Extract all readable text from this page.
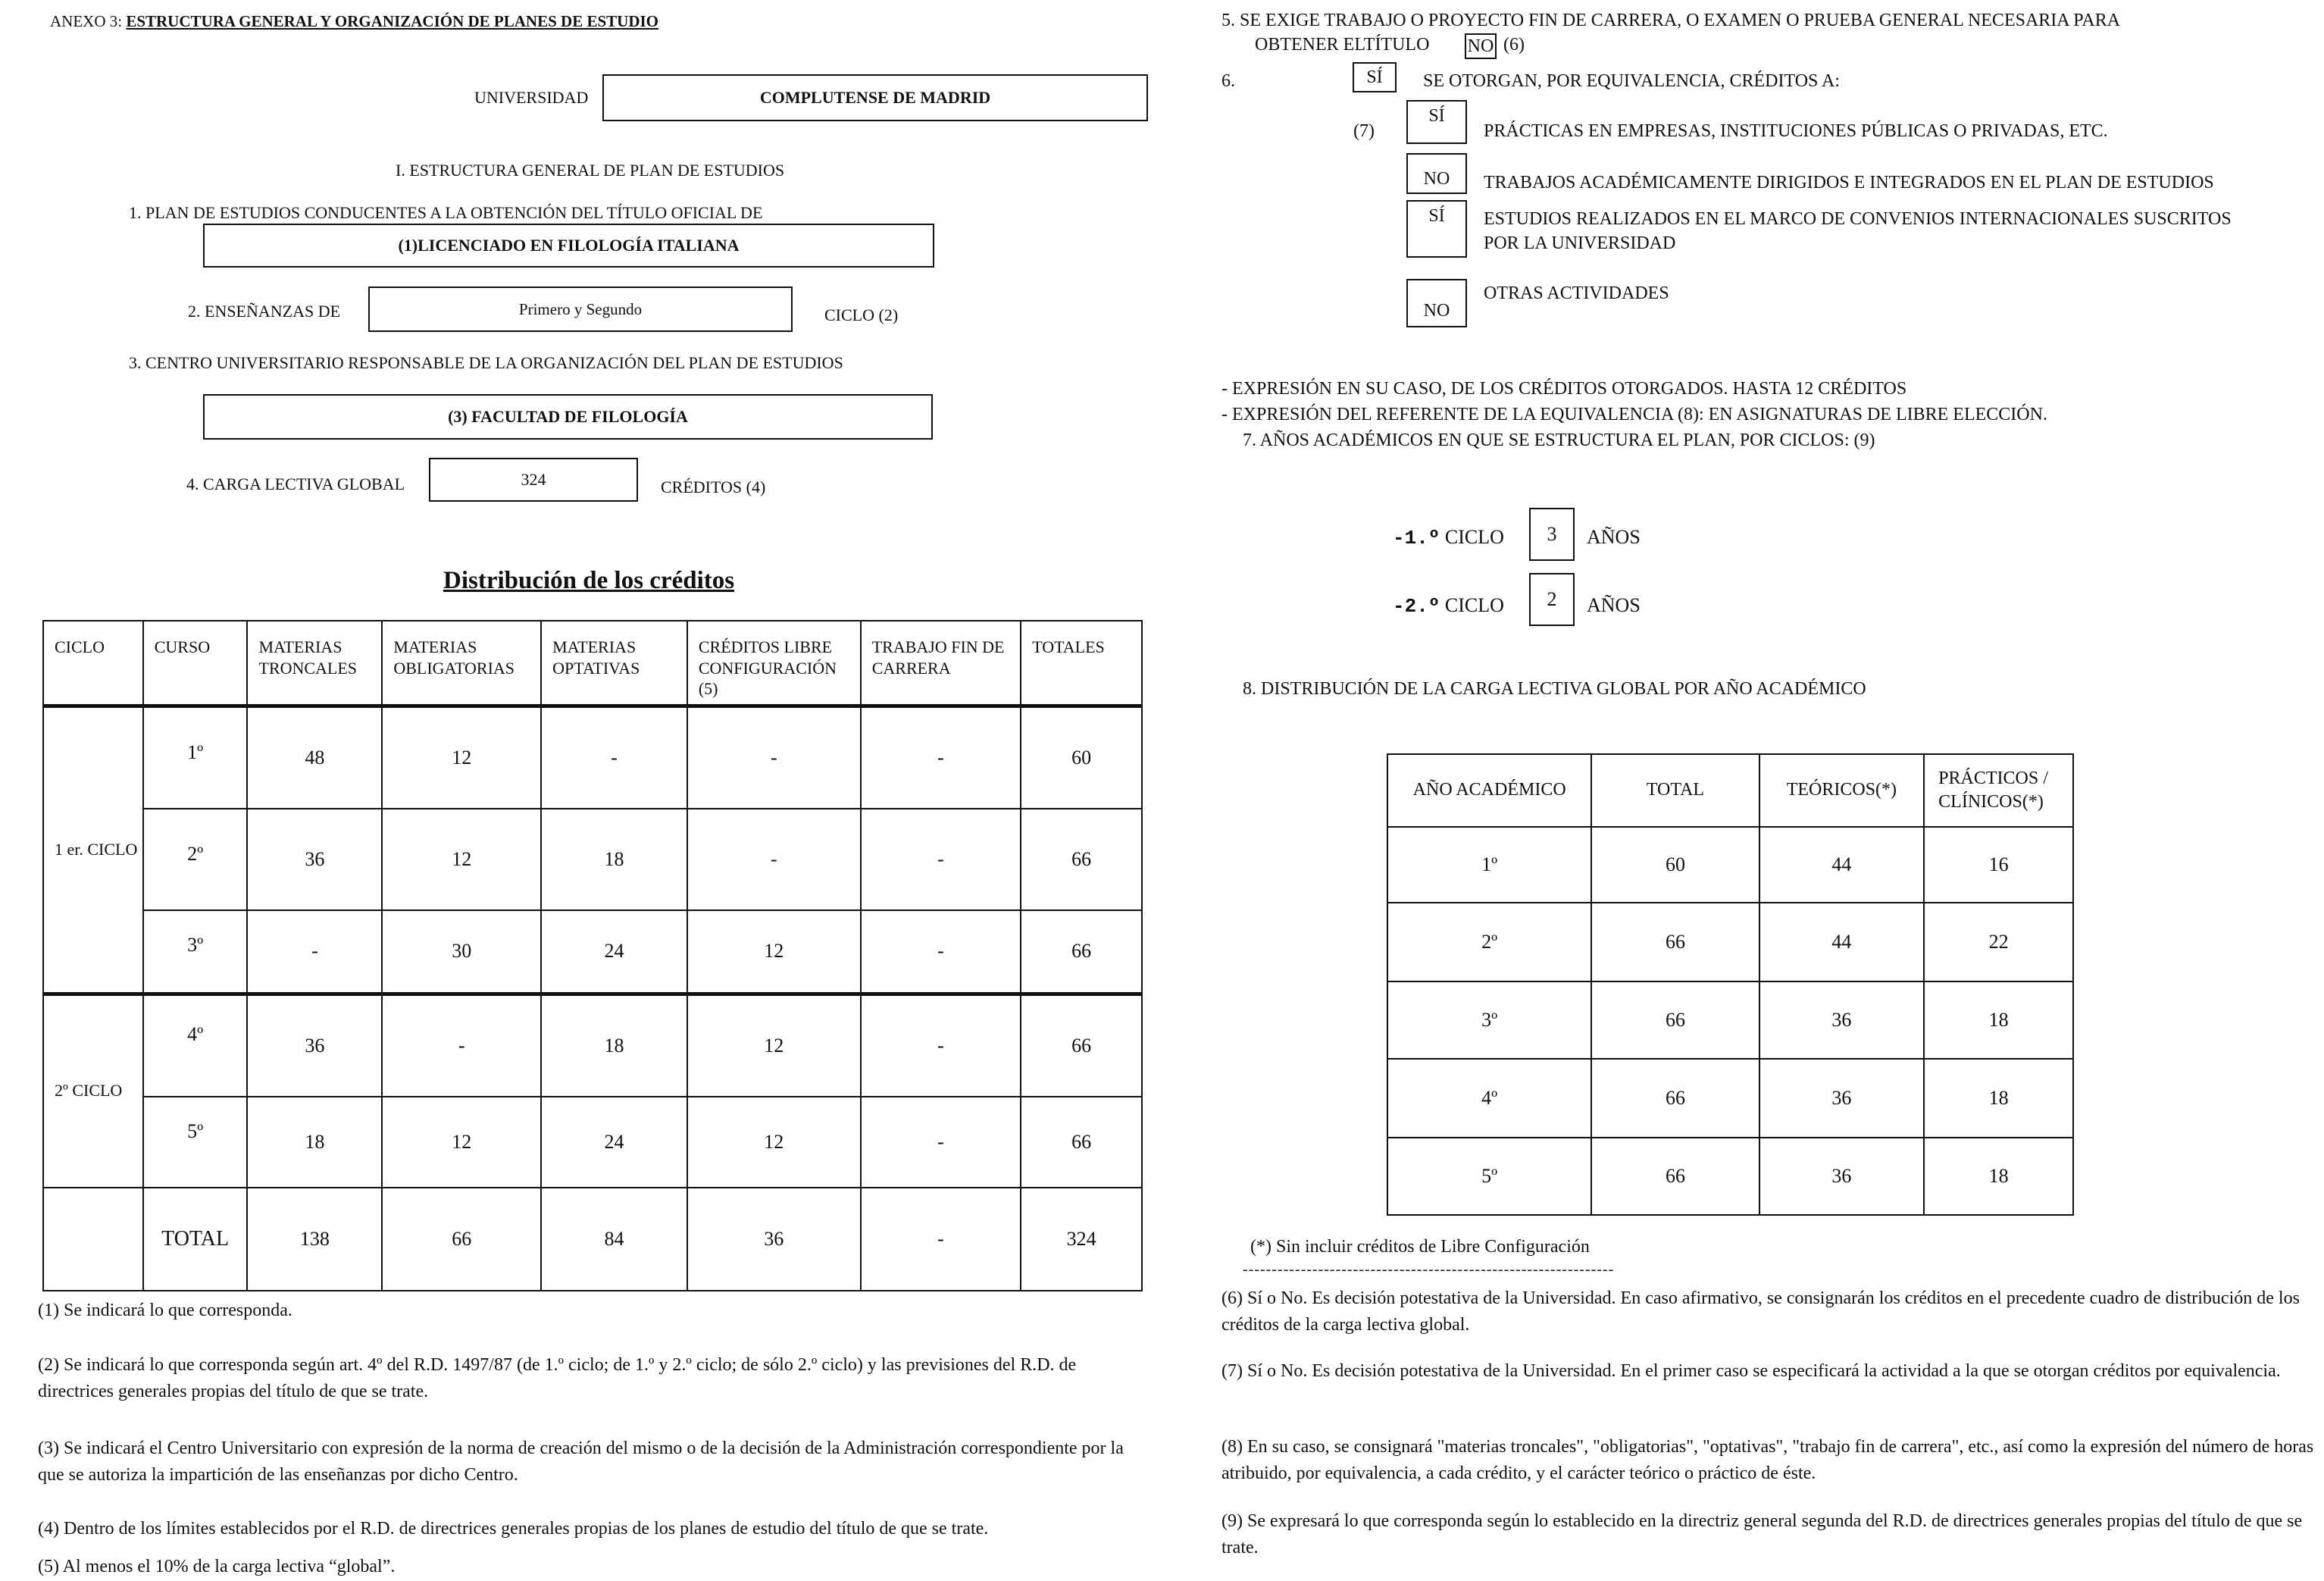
ANEXO 3: ESTRUCTURA GENERAL Y ORGANIZACIÓN DE PLANES DE ESTUDIO
UNIVERSIDAD	COMPLUTENSE DE MADRID
I. ESTRUCTURA GENERAL DE PLAN DE ESTUDIOS
1. PLAN DE ESTUDIOS CONDUCENTES A LA OBTENCIÓN DEL TÍTULO OFICIAL DE
(1)LICENCIADO EN FILOLOGÍA ITALIANA
2. ENSEÑANZAS DE	Primero y Segundo	CICLO (2)
3. CENTRO UNIVERSITARIO RESPONSABLE DE LA ORGANIZACIÓN DEL PLAN DE ESTUDIOS
(3) FACULTAD DE FILOLOGÍA
4. CARGA LECTIVA GLOBAL	324	CRÉDITOS (4)
Distribución de los créditos
CICLO	CURSO	MATERIAS TRONCALES	MATERIAS OBLIGATORIAS	MATERIAS OPTATIVAS	CRÉDITOS LIBRE CONFIGURACIÓN (5)	TRABAJO FIN DE CARRERA	TOTALES
1 er. CICLO	1º	48	12	-	-	-	60
	2º	36	12	18	-	-	66
	3º	-	30	24	12	-	66
2º CICLO	4º	36	-	18	12	-	66
	5º	18	12	24	12	-	66
	TOTAL	138	66	84	36	-	324
(1) Se indicará lo que corresponda.
(2) Se indicará lo que corresponda según art. 4º del R.D. 1497/87 (de 1.º ciclo; de 1.º y 2.º ciclo; de sólo 2.º ciclo) y las previsiones del R.D. de directrices generales propias del título de que se trate.
(3) Se indicará el Centro Universitario con expresión de la norma de creación del mismo o de la decisión de la Administración correspondiente por la que se autoriza la impartición de las enseñanzas por dicho Centro.
(4) Dentro de los límites establecidos por el R.D. de directrices generales propias de los planes de estudio del título de que se trate.
(5) Al menos el 10% de la carga lectiva “global”.
5. SE EXIGE TRABAJO O PROYECTO FIN DE CARRERA, O EXAMEN O PRUEBA GENERAL NECESARIA PARA
OBTENER ELTÍTULO NO (6)
6.	SÍ SE OTORGAN, POR EQUIVALENCIA, CRÉDITOS A:
(7)
SÍ
PRÁCTICAS EN EMPRESAS, INSTITUCIONES PÚBLICAS O PRIVADAS, ETC.
NO TRABAJOS ACADÉMICAMENTE DIRIGIDOS E INTEGRADOS EN EL PLAN DE ESTUDIOS
SÍ ESTUDIOS REALIZADOS EN EL MARCO DE CONVENIOS INTERNACIONALES SUSCRITOS
POR LA UNIVERSIDAD
NO
OTRAS ACTIVIDADES
- EXPRESIÓN EN SU CASO, DE LOS CRÉDITOS OTORGADOS. HASTA 12 CRÉDITOS
- EXPRESIÓN DEL REFERENTE DE LA EQUIVALENCIA (8): EN ASIGNATURAS DE LIBRE ELECCIÓN.
7. AÑOS ACADÉMICOS EN QUE SE ESTRUCTURA EL PLAN, POR CICLOS: (9)
-1.º CICLO 3 AÑOS
-2.º CICLO 2 AÑOS
8. DISTRIBUCIÓN DE LA CARGA LECTIVA GLOBAL POR AÑO ACADÉMICO
AÑO ACADÉMICO	TOTAL	TEÓRICOS(*)	PRÁCTICOS / CLÍNICOS(*)
1º	60	44	16
2º	66	44	22
3º	66	36	18
4º	66	36	18
5º	66	36	18
(*) Sin incluir créditos de Libre Configuración
----------------------------------------------------------------
(6) Sí o No. Es decisión potestativa de la Universidad. En caso afirmativo, se consignarán los créditos en el precedente cuadro de distribución de los créditos de la carga lectiva global.
(7) Sí o No. Es decisión potestativa de la Universidad. En el primer caso se especificará la actividad a la que se otorgan créditos por equivalencia.
(8) En su caso, se consignará "materias troncales", "obligatorias", "optativas", "trabajo fin de carrera", etc., así como la expresión del número de horas atribuido, por equivalencia, a cada crédito, y el carácter teórico o práctico de éste.
(9) Se expresará lo que corresponda según lo establecido en la directriz general segunda del R.D. de directrices generales propias del título de que se trate.
